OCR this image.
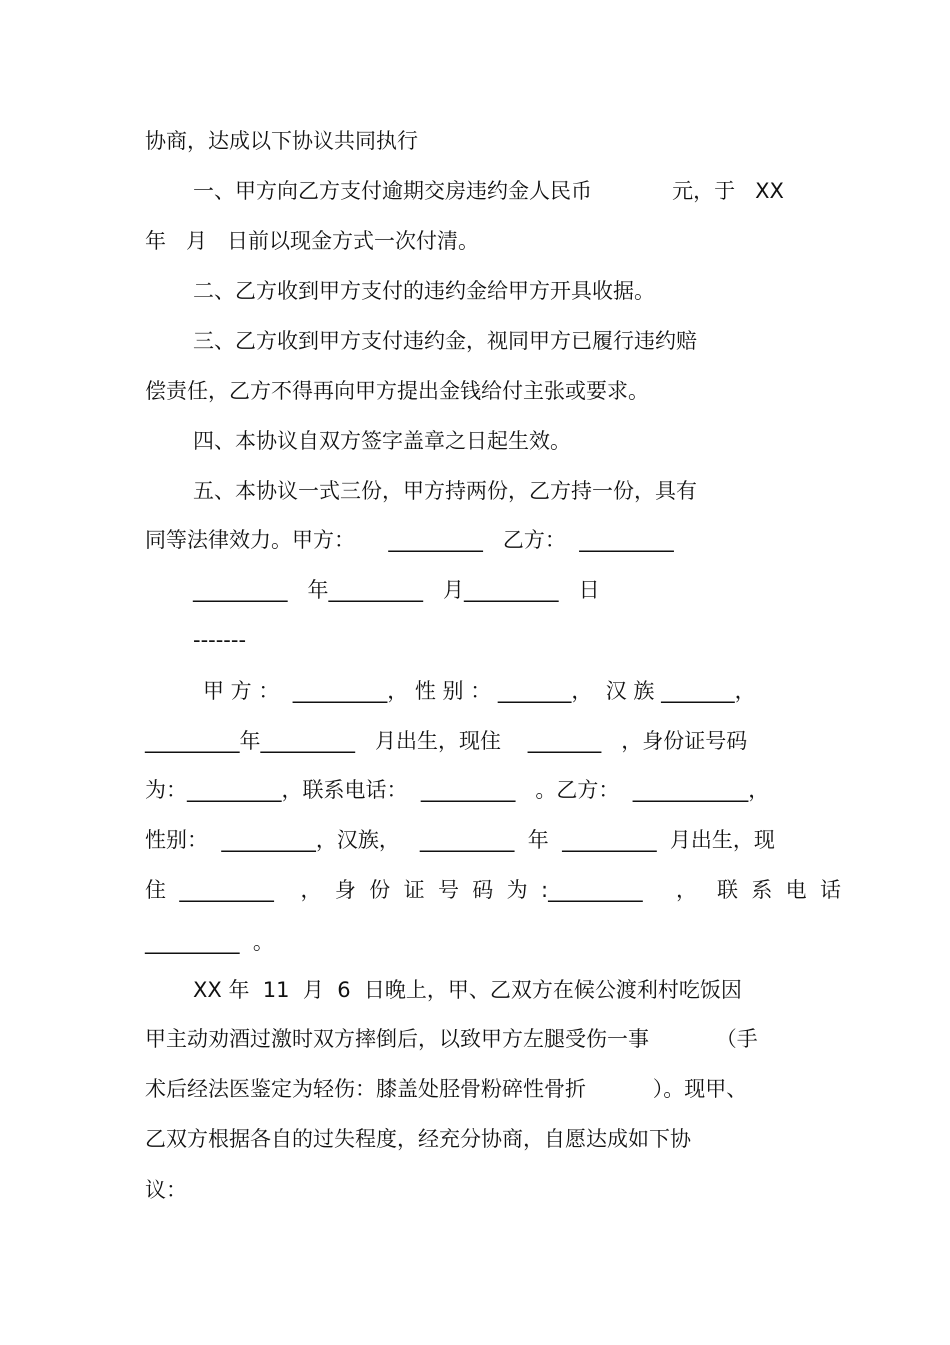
协商，达成以下协议共同执行
一、甲方向乙方支付逾期交房违约金人民币            元，于   XX
年   月   日前以现金方式一次付清。
二、乙方收到甲方支付的违约金给甲方开具收据。
三、乙方收到甲方支付违约金，视同甲方已履行违约赔
偿责任，乙方不得再向甲方提出金钱给付主张或要求。
四、本协议自双方签字盖章之日起生效。
五、本协议一式三份，甲方持两份，乙方持一份，具有
同等法律效力。甲方：     _________   乙方：  _________
_________   年_________   月_________   日
-------
甲 方 ：  _________， 性 别 ： _______，  汉 族 _______，
_________年_________   月出生，现住    _______   ，身份证号码
为：_________，联系电话：  _________   。乙方：  ___________，
性别：  _________，汉族，   _________  年  _________  月出生，现
住  _________    ，  身  份  证  号  码  为  :_________     ，   联  系  电  话
_________  。
XX 年  11  月  6  日晚上，甲、乙双方在候公渡利村吃饭因
甲主动劝酒过激时双方摔倒后，以致甲方左腿受伤一事          （手
术后经法医鉴定为轻伤：膝盖处胫骨粉碎性骨折          ）。现甲、
乙双方根据各自的过失程度，经充分协商，自愿达成如下协
议：
